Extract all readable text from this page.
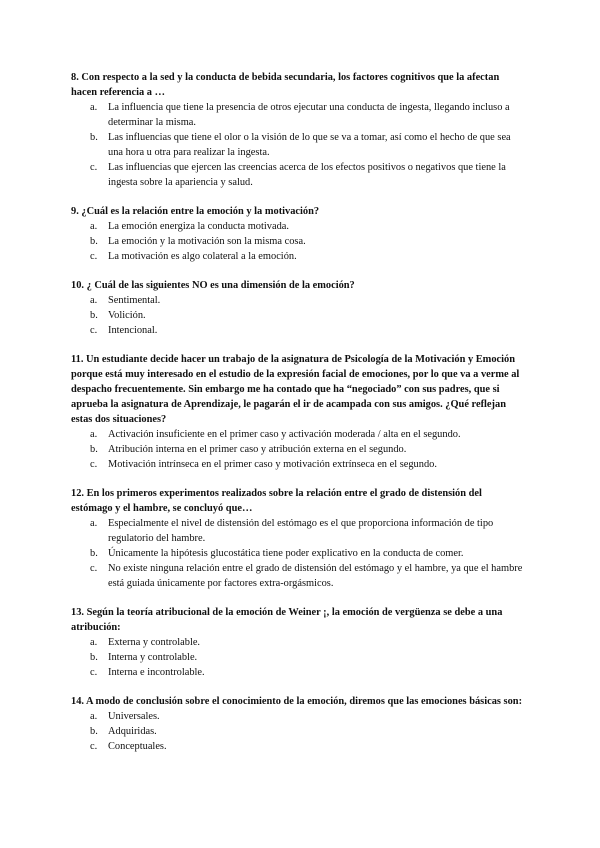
8. Con respecto a la sed y la conducta de bebida secundaria, los factores cognitivos que la afectan hacen referencia a …

a. La influencia que tiene la presencia de otros ejecutar una conducta de ingesta, llegando incluso a determinar la misma.
b. Las influencias que tiene el olor o la visión de lo que se va a tomar, así como el hecho de que sea una hora u otra para realizar la ingesta.
c. Las influencias que ejercen las creencias acerca de los efectos positivos o negativos que tiene la ingesta sobre la apariencia y salud.

9. ¿Cuál es la relación entre la emoción y la motivación?

a. La emoción energiza la conducta motivada.
b. La emoción y la motivación son la misma cosa.
c. La motivación es algo colateral a la emoción.

10. ¿ Cuál de las siguientes NO es una dimensión de la emoción?

a. Sentimental.
b. Volición.
c. Intencional.

11. Un estudiante decide hacer un trabajo de la asignatura de Psicología de la Motivación y Emoción porque está muy interesado en el estudio de la expresión facial de emociones, por lo que va a verme al despacho frecuentemente. Sin embargo me ha contado que ha “negociado” con sus padres, que si aprueba la asignatura de Aprendizaje, le pagarán el ir de acampada con sus amigos. ¿Qué reflejan estas dos situaciones?

a. Activación insuficiente en el primer caso y activación moderada / alta en el segundo.
b. Atribución interna en el primer caso y atribución externa en el segundo.
c. Motivación intrínseca en el primer caso y motivación extrínseca en el segundo.

12. En los primeros experimentos realizados sobre la relación entre el grado de distensión del estómago y el hambre, se concluyó que…

a. Especialmente el nivel de distensión del estómago es el que proporciona información de tipo regulatorio del hambre.
b. Únicamente la hipótesis glucostática tiene poder explicativo en la conducta de comer.
c. No existe ninguna relación entre el grado de distensión del estómago y el hambre, ya que el hambre está guiada únicamente por factores extra-orgásmicos.

13. Según la teoría atribucional de la emoción de Weiner ¡, la emoción de vergüenza se debe a una atribución:

a. Externa y controlable.
b. Interna y controlable.
c. Interna e incontrolable.

14. A modo de conclusión sobre el conocimiento de la emoción, diremos que las emociones básicas son:

a. Universales.
b. Adquiridas.
c. Conceptuales.
